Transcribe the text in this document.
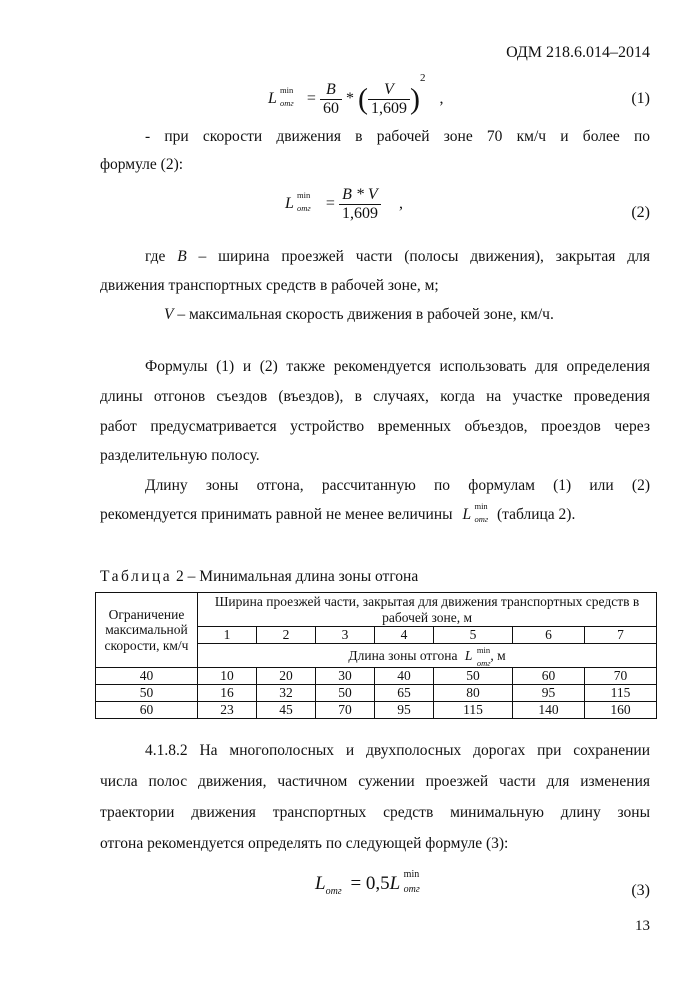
ОДМ 218.6.014–2014
L min
отг = $\frac{B}{60}$ * ( $\frac{V}{1,609} )^2$ ,	(1)
- при скорости движения в рабочей зоне 70 км/ч и более по
формуле (2):
L min
отг = $\frac{B * V}{1,609}$ ,
(2)
где B – ширина проезжей части (полосы движения), закрытая для
движения транспортных средств в рабочей зоне, м;
V – максимальная скорость движения в рабочей зоне, км/ч.
Формулы (1) и (2) также рекомендуется использовать для определения
длины отгонов съездов (въездов), в случаях, когда на участке проведения
работ предусматривается устройство временных объездов, проездов через
разделительную полосу.
Длину зоны отгона, рассчитанную по формулам (1) или (2)
рекомендуется принимать равной не менее величины L min
отг (таблица 2).
Таблица 2 – Минимальная длина зоны отгона
Ограничение максимальной скорости, км/ч	Ширина проезжей части, закрытая для движения транспортных средств в рабочей зоне, м						
	1	2	3	4	5	6	7
	Длина зоны отгона L min
отг , м						
40	10	20	30	40	50	60	70
50	16	32	50	65	80	95	115
60	23	45	70	95	115	140	160
4.1.8.2 На многополосных и двухполосных дорогах при сохранении
числа полос движения, частичном сужении проезжей части для изменения
траектории движения транспортных средств минимальную длину зоны
отгона рекомендуется определять по следующей формуле (3):
$L_{отг} = 0,5L$ min
отг	(3)
13
